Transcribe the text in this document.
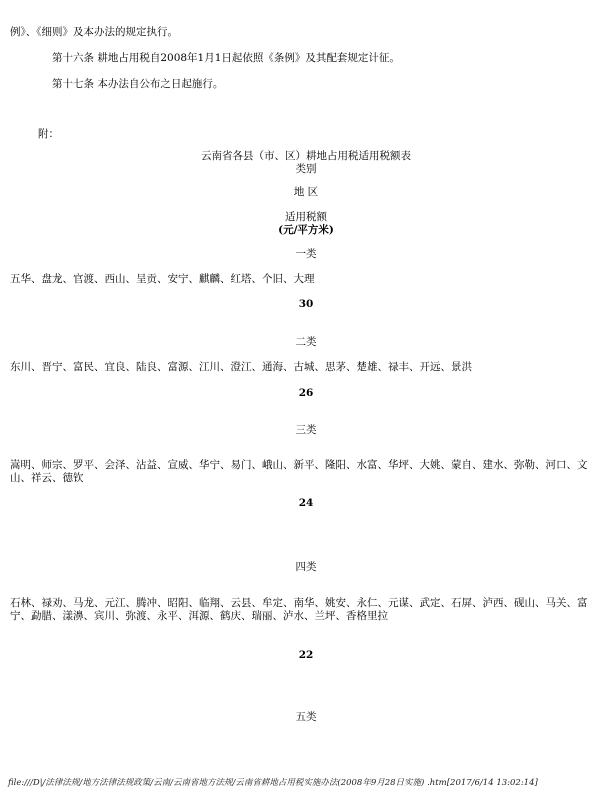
例》、《细则》及本办法的规定执行。
第十六条 耕地占用税自2008年1月1日起依照《条例》及其配套规定计征。
第十七条 本办法自公布之日起施行。
附：
云南省各县（市、区）耕地占用税适用税额表
类别
地 区
适用税额
(元/平方米)
一类
五华、盘龙、官渡、西山、呈贡、安宁、麒麟、红塔、个旧、大理
30
二类
东川、晋宁、富民、宜良、陆良、富源、江川、澄江、通海、古城、思茅、楚雄、禄丰、开远、景洪
26
三类
嵩明、师宗、罗平、会泽、沾益、宣威、华宁、易门、峨山、新平、隆阳、水富、华坪、大姚、蒙自、建水、弥勒、河口、文山、祥云、德钦
24
四类
石林、禄劝、马龙、元江、腾冲、昭阳、临翔、云县、牟定、南华、姚安、永仁、元谋、武定、石屏、泸西、砚山、马关、富宁、勐腊、漾濞、宾川、弥渡、永平、洱源、鹤庆、瑞丽、泸水、兰坪、香格里拉
22
五类
file:///D|/法律法规/地方法律法规政策/云南/云南省地方法规/云南省耕地占用税实施办法(2008年9月28日实施) .htm[2017/6/14 13:02:14]
